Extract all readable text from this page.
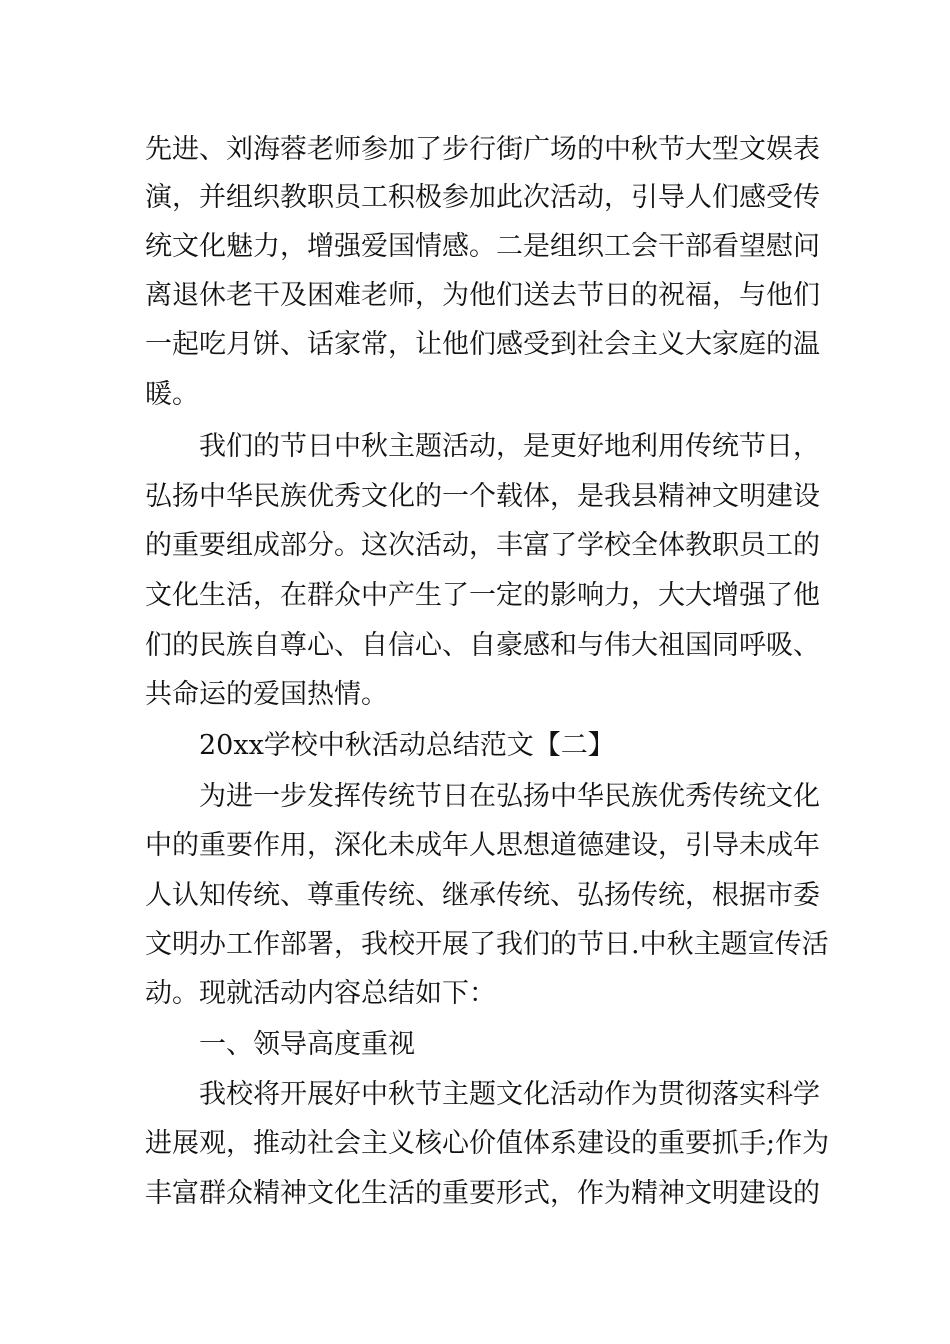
先进、刘海蓉老师参加了步行街广场的中秋节大型文娱表
演，并组织教职员工积极参加此次活动，引导人们感受传
统文化魅力，增强爱国情感。二是组织工会干部看望慰问
离退休老干及困难老师，为他们送去节日的祝福，与他们
一起吃月饼、话家常，让他们感受到社会主义大家庭的温
暖。
我们的节日中秋主题活动，是更好地利用传统节日，
弘扬中华民族优秀文化的一个载体，是我县精神文明建设
的重要组成部分。这次活动，丰富了学校全体教职员工的
文化生活，在群众中产生了一定的影响力，大大增强了他
们的民族自尊心、自信心、自豪感和与伟大祖国同呼吸、
共命运的爱国热情。
20xx学校中秋活动总结范文【二】
为进一步发挥传统节日在弘扬中华民族优秀传统文化
中的重要作用，深化未成年人思想道德建设，引导未成年
人认知传统、尊重传统、继承传统、弘扬传统，根据市委
文明办工作部署，我校开展了我们的节日.中秋主题宣传活
动。现就活动内容总结如下：
一、领导高度重视
我校将开展好中秋节主题文化活动作为贯彻落实科学
进展观，推动社会主义核心价值体系建设的重要抓手;作为
丰富群众精神文化生活的重要形式，作为精神文明建设的
